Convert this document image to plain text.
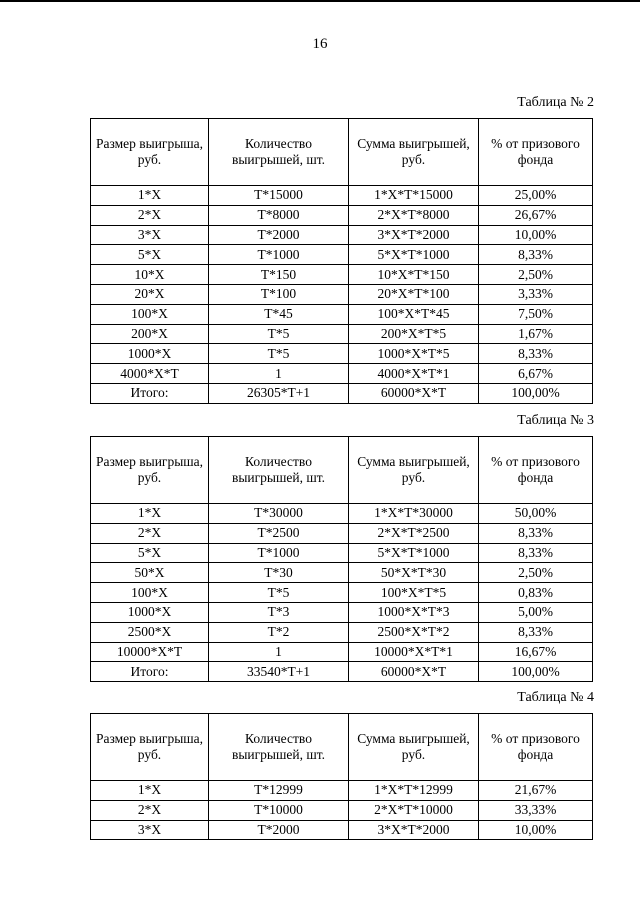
16
Таблица № 2
Размер выигрыша, руб.	Количество выигрышей, шт.	Сумма выигрышей, руб.	% от призового фонда
1*X	T*15000	1*X*T*15000	25,00%
2*X	T*8000	2*X*T*8000	26,67%
3*X	T*2000	3*X*T*2000	10,00%
5*X	T*1000	5*X*T*1000	8,33%
10*X	T*150	10*X*T*150	2,50%
20*X	T*100	20*X*T*100	3,33%
100*X	T*45	100*X*T*45	7,50%
200*X	T*5	200*X*T*5	1,67%
1000*X	T*5	1000*X*T*5	8,33%
4000*X*T	1	4000*X*T*1	6,67%
Итого:	26305*T+1	60000*X*T	100,00%
Таблица № 3
Размер выигрыша, руб.	Количество выигрышей, шт.	Сумма выигрышей, руб.	% от призового фонда
1*X	T*30000	1*X*T*30000	50,00%
2*X	T*2500	2*X*T*2500	8,33%
5*X	T*1000	5*X*T*1000	8,33%
50*X	T*30	50*X*T*30	2,50%
100*X	T*5	100*X*T*5	0,83%
1000*X	T*3	1000*X*T*3	5,00%
2500*X	T*2	2500*X*T*2	8,33%
10000*X*T	1	10000*X*T*1	16,67%
Итого:	33540*T+1	60000*X*T	100,00%
Таблица № 4
Размер выигрыша, руб.	Количество выигрышей, шт.	Сумма выигрышей, руб.	% от призового фонда
1*X	T*12999	1*X*T*12999	21,67%
2*X	T*10000	2*X*T*10000	33,33%
3*X	T*2000	3*X*T*2000	10,00%
